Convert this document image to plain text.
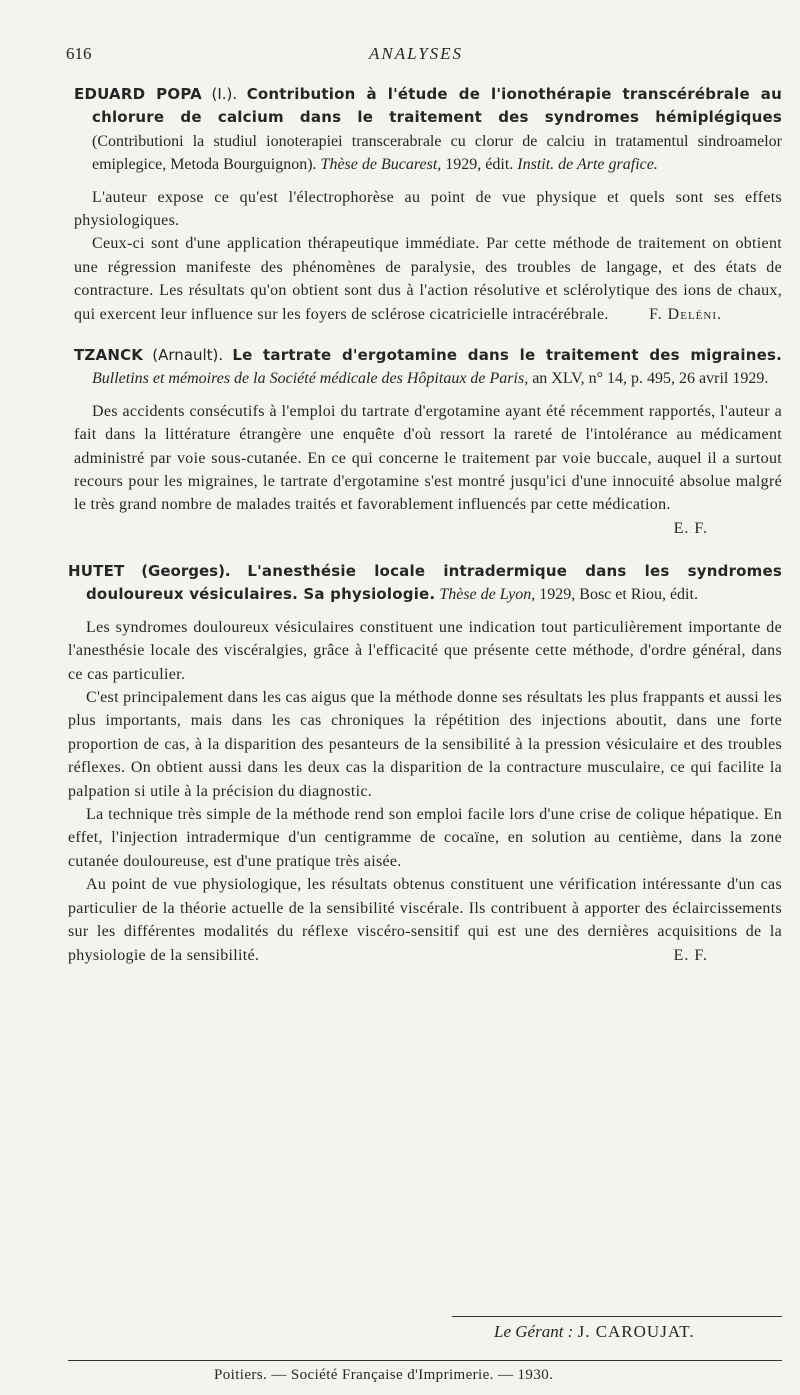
616	ANALYSES

EDUARD POPA (I.). Contribution à l'étude de l'ionothérapie transcérébrale au chlorure de calcium dans le traitement des syndromes hémiplégiques (Contributioni la studiul ionoterapiei transcerabrale cu clorur de calciu in tratamentul sindroamelor emiplegice, Metoda Bourguignon). Thèse de Bucarest, 1929, édit. Instit. de Arte grafice.

L'auteur expose ce qu'est l'électrophorèse au point de vue physique et quels sont ses effets physiologiques.

Ceux-ci sont d'une application thérapeutique immédiate. Par cette méthode de traitement on obtient une régression manifeste des phénomènes de paralysie, des troubles de langage, et des états de contracture. Les résultats qu'on obtient sont dus à l'action résolutive et sclérolytique des ions de chaux, qui exercent leur influence sur les foyers de sclérose cicatricielle intracérébrale.	F. Deléni.

TZANCK (Arnault). Le tartrate d'ergotamine dans le traitement des migraines. Bulletins et mémoires de la Société médicale des Hôpitaux de Paris, an XLV, n° 14, p. 495, 26 avril 1929.

Des accidents consécutifs à l'emploi du tartrate d'ergotamine ayant été récemment rapportés, l'auteur a fait dans la littérature étrangère une enquête d'où ressort la rareté de l'intolérance au médicament administré par voie sous-cutanée. En ce qui concerne le traitement par voie buccale, auquel il a surtout recours pour les migraines, le tartrate d'ergotamine s'est montré jusqu'ici d'une innocuité absolue malgré le très grand nombre de malades traités et favorablement influencés par cette médication.
E. F.

HUTET (Georges). L'anesthésie locale intradermique dans les syndromes douloureux vésiculaires. Sa physiologie. Thèse de Lyon, 1929, Bosc et Riou, édit.

Les syndromes douloureux vésiculaires constituent une indication tout particulièrement importante de l'anesthésie locale des viscéralgies, grâce à l'efficacité que présente cette méthode, d'ordre général, dans ce cas particulier.

C'est principalement dans les cas aigus que la méthode donne ses résultats les plus frappants et aussi les plus importants, mais dans les cas chroniques la répétition des injections aboutit, dans une forte proportion de cas, à la disparition des pesanteurs de la sensibilité à la pression vésiculaire et des troubles réflexes. On obtient aussi dans les deux cas la disparition de la contracture musculaire, ce qui facilite la palpation si utile à la précision du diagnostic.

La technique très simple de la méthode rend son emploi facile lors d'une crise de colique hépatique. En effet, l'injection intradermique d'un centigramme de cocaïne, en solution au centième, dans la zone cutanée douloureuse, est d'une pratique très aisée.

Au point de vue physiologique, les résultats obtenus constituent une vérification intéressante d'un cas particulier de la théorie actuelle de la sensibilité viscérale. Ils contribuent à apporter des éclaircissements sur les différentes modalités du réflexe viscéro-sensitif qui est une des dernières acquisitions de la physiologie de la sensibilité.	E. F.

Le Gérant : J. CAROUJAT.
Poitiers. — Société Française d'Imprimerie. — 1930.
